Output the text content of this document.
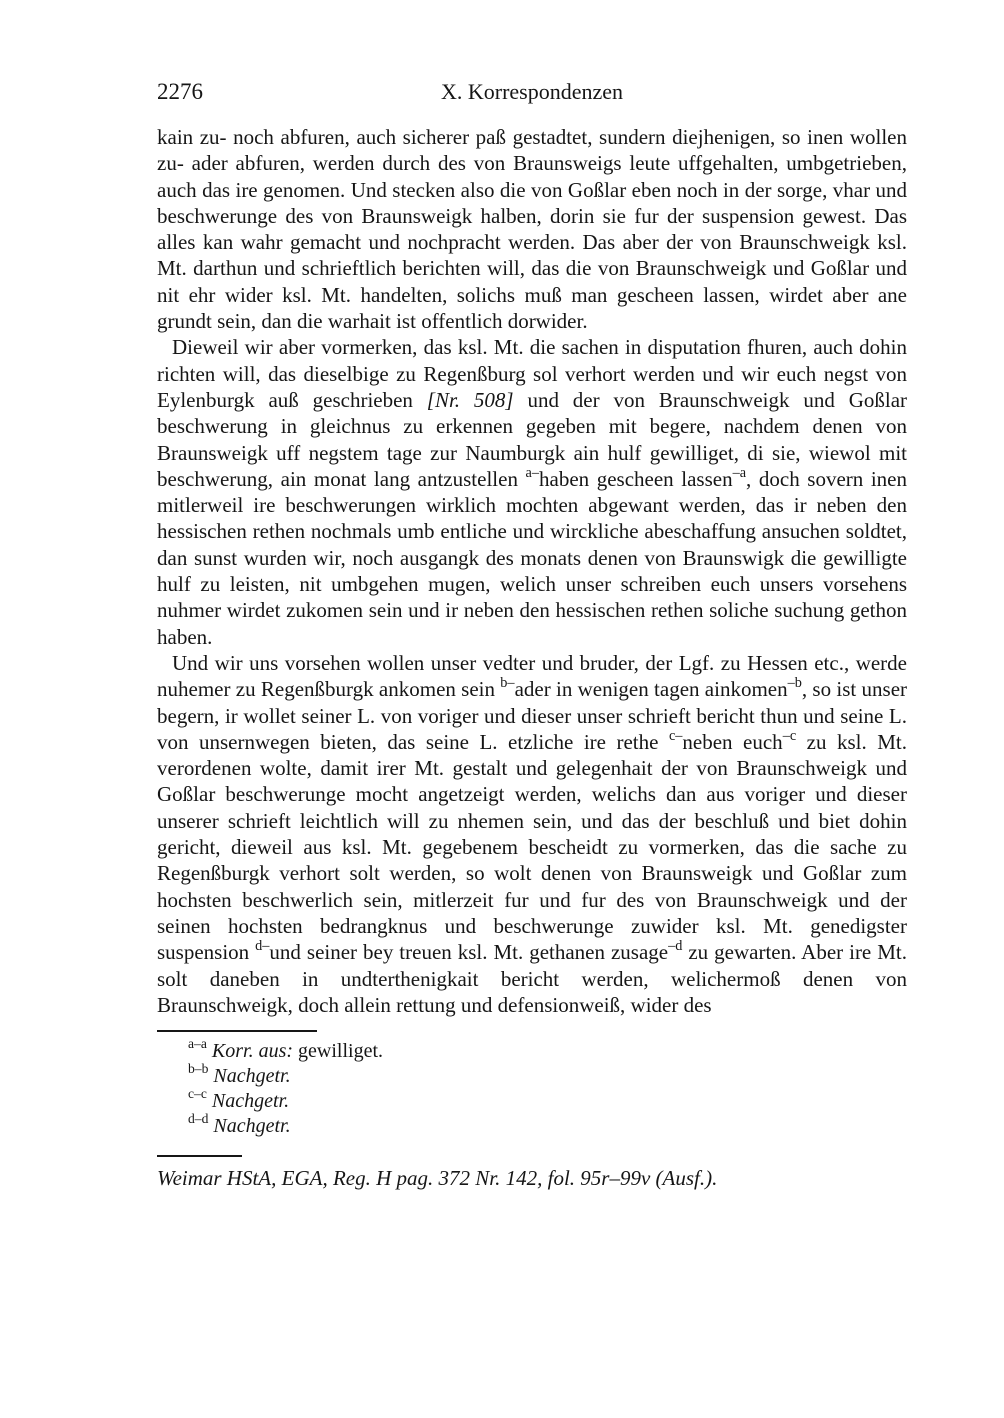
2276	X. Korrespondenzen

kain zu- noch abfuren, auch sicherer paß gestadtet, sundern diejhenigen, so inen wollen zu- ader abfuren, werden durch des von Braunsweigs leute uffgehalten, umbgetrieben, auch das ire genomen. Und stecken also die von Goßlar eben noch in der sorge, vhar und beschwerunge des von Braunsweigk halben, dorin sie fur der suspension gewest. Das alles kan wahr gemacht und nochpracht werden. Das aber der von Braunschweigk ksl. Mt. darthun und schrieftlich berichten will, das die von Braunschweigk und Goßlar und nit ehr wider ksl. Mt. handelten, solichs muß man gescheen lassen, wirdet aber ane grundt sein, dan die warhait ist offentlich dorwider.

Dieweil wir aber vormerken, das ksl. Mt. die sachen in disputation fhuren, auch dohin richten will, das dieselbige zu Regenßburg sol verhort werden und wir euch negst von Eylenburgk auß geschrieben [Nr. 508] und der von Braunschweigk und Goßlar beschwerung in gleichnus zu erkennen gegeben mit begere, nachdem denen von Braunsweigk uff negstem tage zur Naumburgk ain hulf gewilliget, di sie, wiewol mit beschwerung, ain monat lang antzustellen $^{a-}$haben gescheen lassen$^{-a}$, doch sovern inen mitlerweil ire beschwerungen wirklich mochten abgewant werden, das ir neben den hessischen rethen nochmals umb entliche und wirckliche abeschaffung ansuchen soldtet, dan sunst wurden wir, noch ausgangk des monats denen von Braunswigk die gewilligte hulf zu leisten, nit umbgehen mugen, welich unser schreiben euch unsers vorsehens nuhmer wirdet zukomen sein und ir neben den hessischen rethen soliche suchung gethon haben.

Und wir uns vorsehen wollen unser vedter und bruder, der Lgf. zu Hessen etc., werde nuhemer zu Regenßburgk ankomen sein $^{b-}$ader in wenigen tagen ainkomen$^{-b}$, so ist unser begern, ir wollet seiner L. von voriger und dieser unser schrieft bericht thun und seine L. von unsernwegen bieten, das seine L. etzliche ire rethe $^{c-}$neben euch$^{-c}$ zu ksl. Mt. verordenen wolte, damit irer Mt. gestalt und gelegenhait der von Braunschweigk und Goßlar beschwerunge mocht angetzeigt werden, welichs dan aus voriger und dieser unserer schrieft leichtlich will zu nhemen sein, und das der beschluß und biet dohin gericht, dieweil aus ksl. Mt. gegebenem bescheidt zu vormerken, das die sache zu Regenßburgk verhort solt werden, so wolt denen von Braunsweigk und Goßlar zum hochsten beschwerlich sein, mitlerzeit fur und fur des von Braunschweigk und der seinen hochsten bedrangknus und beschwerunge zuwider ksl. Mt. genedigster suspension $^{d-}$und seiner bey treuen ksl. Mt. gethanen zusage$^{-d}$ zu gewarten. Aber ire Mt. solt daneben in undterthenigkait bericht werden, welichermoß denen von Braunschweigk, doch allein rettung und defensionweiß, wider des

$^{a-a}$ Korr. aus: gewilliget.
$^{b-b}$ Nachgetr.
$^{c-c}$ Nachgetr.
$^{d-d}$ Nachgetr.
Weimar HStA, EGA, Reg. H pag. 372 Nr. 142, fol. 95r–99v (Ausf.).
